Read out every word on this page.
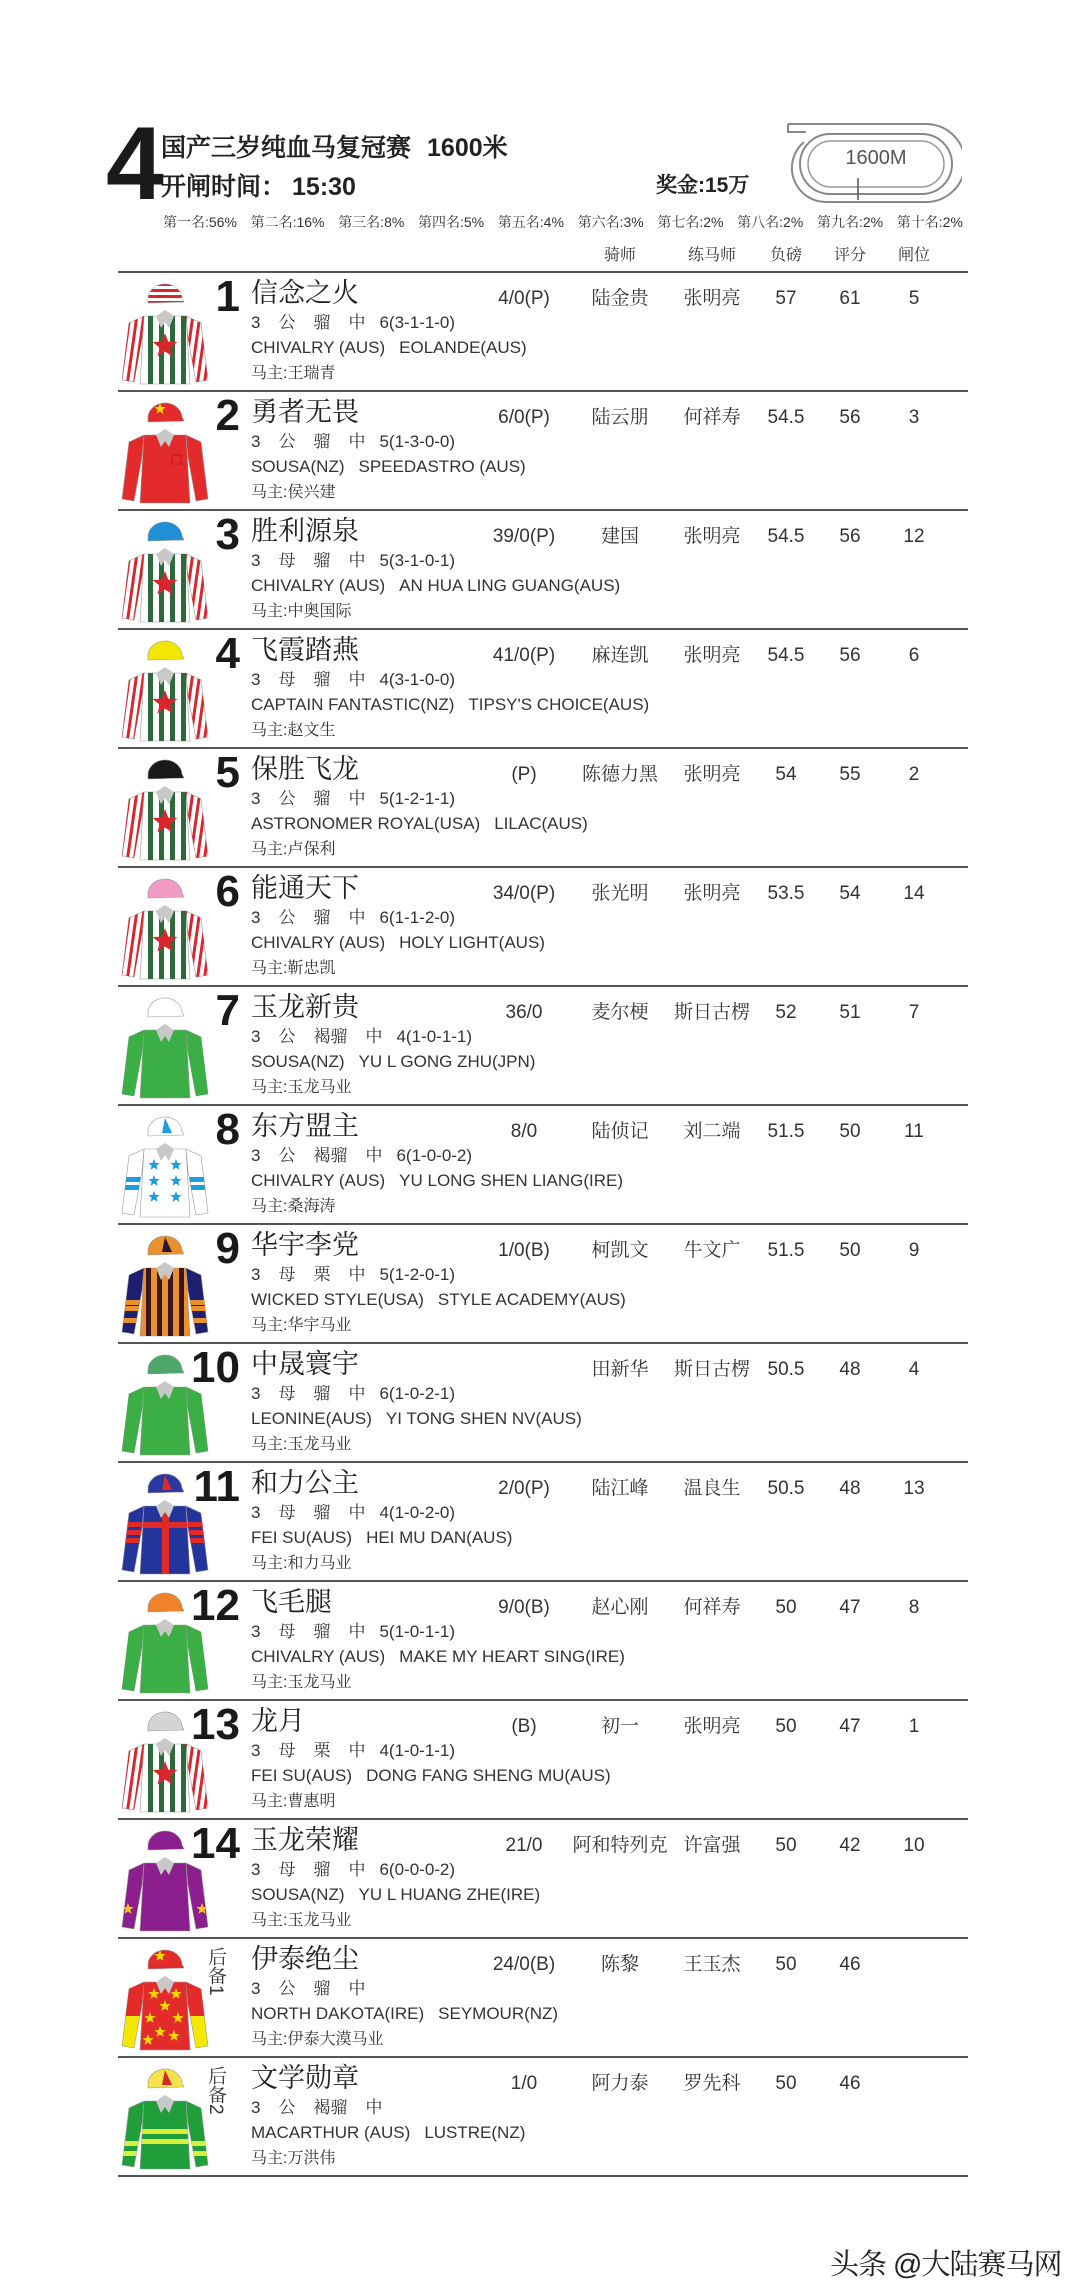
4 国产三岁纯血马复冠赛 1600米
开闸时间： 15:30	奖金:15万
1600M
第一名:56% 第二名:16% 第三名:8% 第四名:5% 第五名:4% 第六名:3% 第七名:2% 第八名:2% 第九名:2% 第十名:2%
骑师	练马师 负磅 评分 闸位
1 信念之火
3 公 骝 中 6(3-1-1-0)
CHIVALRY (AUS) EOLANDE(AUS)
马主:王瑞青
4/0(P) 陆金贵 张明亮 57 61	5
2 勇者无畏
3 公 骝 中 5(1-3-0-0)
SOUSA(NZ) SPEEDASTRO (AUS)
马主:侯兴建
6/0(P) 陆云朋 何祥寿 54.5 56	3
3 胜利源泉
3 母 骝 中 5(3-1-0-1)
CHIVALRY (AUS) AN HUA LING GUANG(AUS)
马主:中奥国际
39/0(P) 建国 张明亮 54.5 56 12
4 飞霞踏燕
3 母 骝 中 4(3-1-0-0)
CAPTAIN FANTASTIC(NZ) TIPSY'S CHOICE(AUS)
马主:赵文生
41/0(P) 麻连凯 张明亮 54.5 56	6
5 保胜飞龙
3 公 骝 中 5(1-2-1-1)
ASTRONOMER ROYAL(USA) LILAC(AUS)
马主:卢保利
(P) 陈德力黑 张明亮 54 55	2
6 能通天下
3 公 骝 中 6(1-1-2-0)
CHIVALRY (AUS) HOLY LIGHT(AUS)
马主:靳忠凯
34/0(P) 张光明 张明亮 53.5 54 14
7 玉龙新贵
3 公 褐骝 中 4(1-0-1-1)
SOUSA(NZ) YU L GONG ZHU(JPN)
马主:玉龙马业
36/0	麦尔梗 斯日古楞 52 51	7
8 东方盟主
3 公 褐骝 中 6(1-0-0-2)
CHIVALRY (AUS) YU LONG SHEN LIANG(IRE)
马主:桑海涛
8/0	陆侦记 刘二端 51.5 50 11
9 华宇李党
3 母 栗 中 5(1-2-0-1)
WICKED STYLE(USA) STYLE ACADEMY(AUS)
马主:华宇马业
1/0(B) 柯凯文 牛文广 51.5 50	9
10 中晟寰宇
3 母 骝 中 6(1-0-2-1)
LEONINE(AUS) YI TONG SHEN NV(AUS)
马主:玉龙马业
田新华 斯日古楞 50.5 48	4
11 和力公主
3 母 骝 中 4(1-0-2-0)
FEI SU(AUS) HEI MU DAN(AUS)
马主:和力马业
2/0(P) 陆江峰 温良生 50.5 48 13
12 飞毛腿
3 母 骝 中 5(1-0-1-1)
CHIVALRY (AUS) MAKE MY HEART SING(IRE)
马主:玉龙马业
9/0(B) 赵心刚 何祥寿 50 47	8
13 龙月
3 母 栗 中 4(1-0-1-1)
FEI SU(AUS) DONG FANG SHENG MU(AUS)
马主:曹惠明
(B)	初一 张明亮 50 47	1
14 玉龙荣耀
3 母 骝 中 6(0-0-0-2)
SOUSA(NZ) YU L HUANG ZHE(IRE)
马主:玉龙马业
21/0 阿和特列克 许富强 50 42 10
后备1 伊泰绝尘
3 公 骝 中
NORTH DAKOTA(IRE) SEYMOUR(NZ)
马主:伊泰大漠马业
24/0(B) 陈黎 王玉杰 50 46
后备2 文学勋章
3 公 褐骝 中
MACARTHUR (AUS) LUSTRE(NZ)
马主:万洪伟
1/0	阿力泰 罗先科 50 46
头条 @大陆赛马网
